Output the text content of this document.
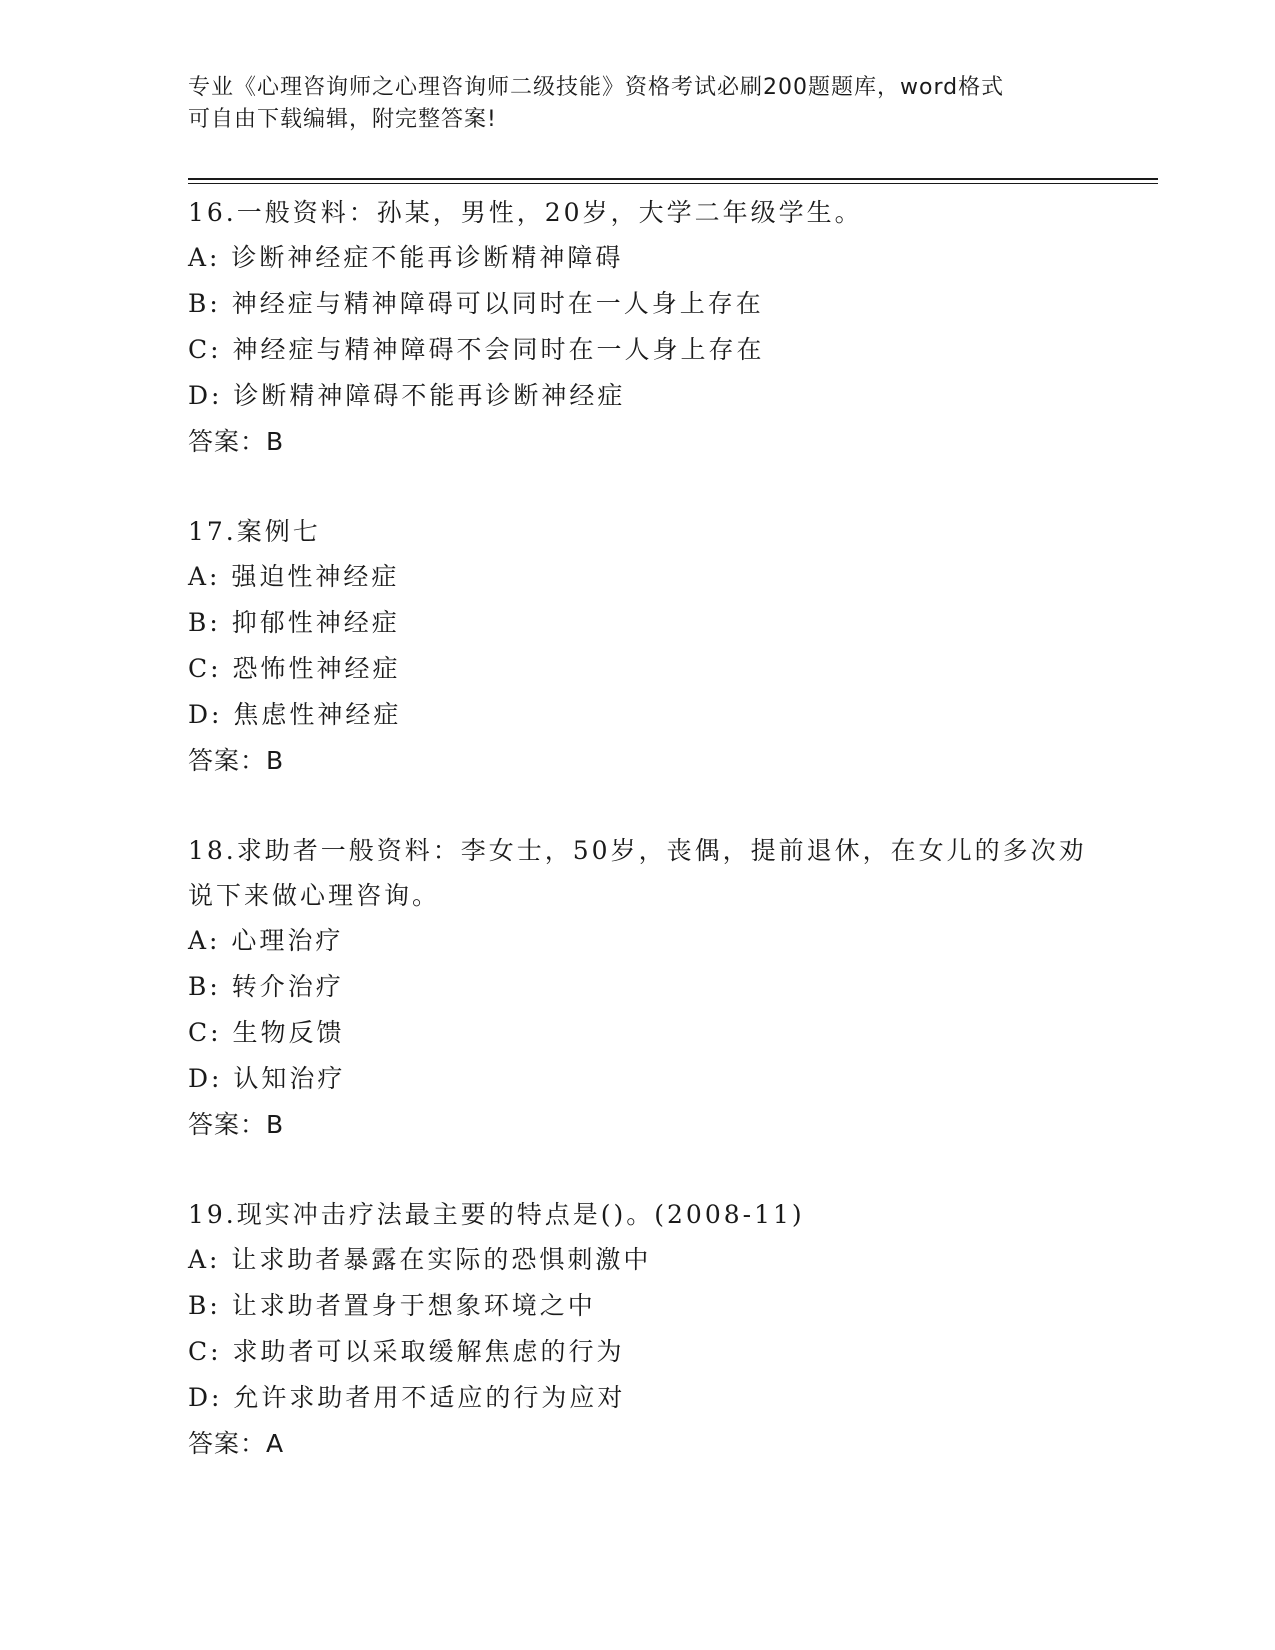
专业《心理咨询师之心理咨询师二级技能》资格考试必刷200题题库，word格式
可自由下载编辑，附完整答案!

16.一般资料：孙某，男性，20岁，大学二年级学生。

A: 诊断神经症不能再诊断精神障碍
B: 神经症与精神障碍可以同时在一人身上存在
C: 神经症与精神障碍不会同时在一人身上存在
D: 诊断精神障碍不能再诊断神经症
答案：B

17.案例七

A: 强迫性神经症
B: 抑郁性神经症
C: 恐怖性神经症
D: 焦虑性神经症
答案：B

18.求助者一般资料：李女士，50岁，丧偶，提前退休，在女儿的多次劝说下来做心理咨询。

A: 心理治疗
B: 转介治疗
C: 生物反馈
D: 认知治疗
答案：B

19.现实冲击疗法最主要的特点是()。(2008-11)

A: 让求助者暴露在实际的恐惧刺激中
B: 让求助者置身于想象环境之中
C: 求助者可以采取缓解焦虑的行为
D: 允许求助者用不适应的行为应对
答案：A
